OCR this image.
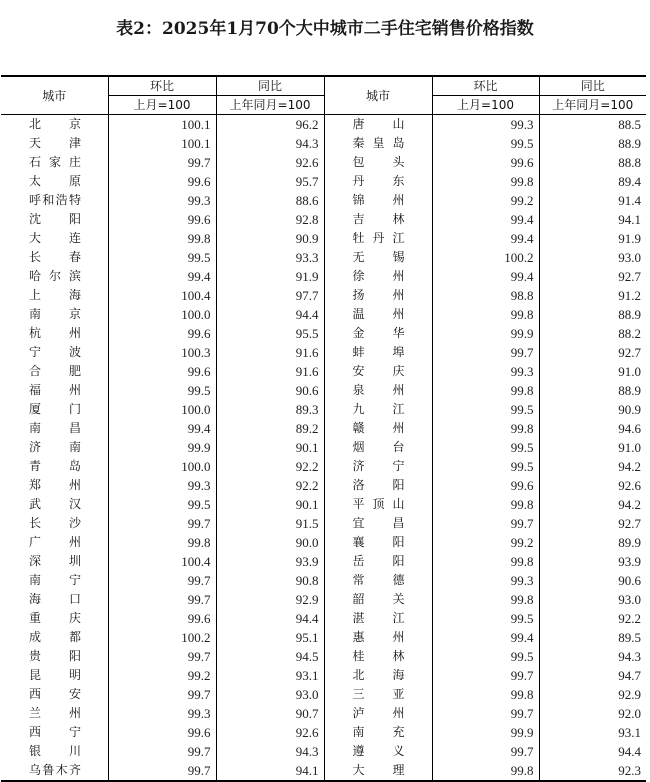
表2：2025年1月70个大中城市二手住宅销售价格指数
城市	环比	同比	城市	环比	同比
	上月=100	上年同月=100		上月=100	上年同月=100
北 京	100.1	96.2	唐 山	99.3	88.5
天 津	100.1	94.3	秦 皇 岛	99.5	88.9
石 家 庄	99.7	92.6	包 头	99.6	88.8
太 原	99.6	95.7	丹 东	99.8	89.4
呼和浩特	99.3	88.6	锦 州	99.2	91.4
沈 阳	99.6	92.8	吉 林	99.4	94.1
大 连	99.8	90.9	牡 丹 江	99.4	91.9
长 春	99.5	93.3	无 锡	100.2	93.0
哈 尔 滨	99.4	91.9	徐 州	99.4	92.7
上 海	100.4	97.7	扬 州	98.8	91.2
南 京	100.0	94.4	温 州	99.8	88.9
杭 州	99.6	95.5	金 华	99.9	88.2
宁 波	100.3	91.6	蚌 埠	99.7	92.7
合 肥	99.6	91.6	安 庆	99.3	91.0
福 州	99.5	90.6	泉 州	99.8	88.9
厦 门	100.0	89.3	九 江	99.5	90.9
南 昌	99.4	89.2	赣 州	99.8	94.6
济 南	99.9	90.1	烟 台	99.5	91.0
青 岛	100.0	92.2	济 宁	99.5	94.2
郑 州	99.3	92.2	洛 阳	99.6	92.6
武 汉	99.5	90.1	平 顶 山	99.8	94.2
长 沙	99.7	91.5	宜 昌	99.7	92.7
广 州	99.8	90.0	襄 阳	99.2	89.9
深 圳	100.4	93.9	岳 阳	99.8	93.9
南 宁	99.7	90.8	常 德	99.3	90.6
海 口	99.7	92.9	韶 关	99.8	93.0
重 庆	99.6	94.4	湛 江	99.5	92.2
成 都	100.2	95.1	惠 州	99.4	89.5
贵 阳	99.7	94.5	桂 林	99.5	94.3
昆 明	99.2	93.1	北 海	99.7	94.7
西 安	99.7	93.0	三 亚	99.8	92.9
兰 州	99.3	90.7	泸 州	99.7	92.0
西 宁	99.6	92.6	南 充	99.9	93.1
银 川	99.7	94.3	遵 义	99.7	94.4
乌鲁木齐	99.7	94.1	大 理	99.8	92.3
